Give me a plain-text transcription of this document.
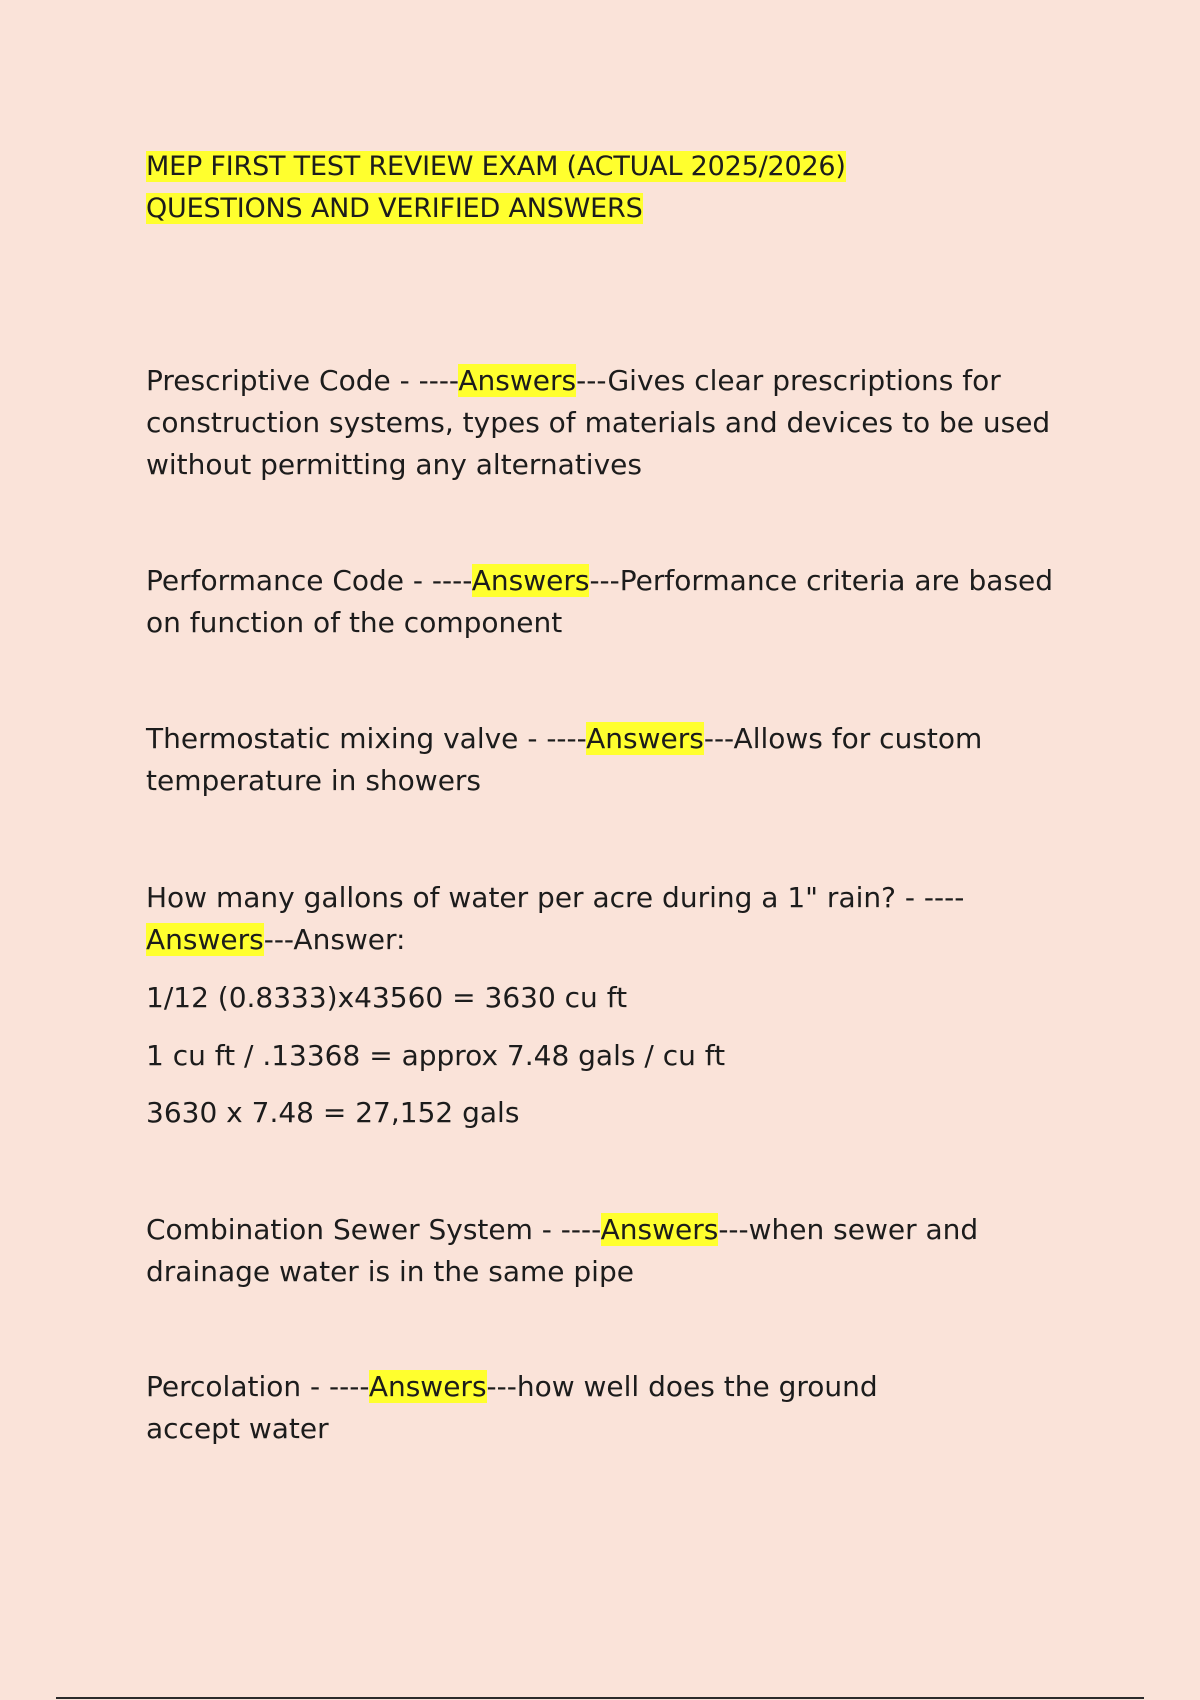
MEP FIRST TEST REVIEW EXAM (ACTUAL 2025/2026)
QUESTIONS AND VERIFIED ANSWERS

Prescriptive Code - ----Answers---Gives clear prescriptions for construction systems, types of materials and devices to be used without permitting any alternatives

Performance Code - ----Answers---Performance criteria are based on function of the component

Thermostatic mixing valve - ----Answers---Allows for custom temperature in showers

How many gallons of water per acre during a 1" rain? - ----Answers---Answer:

1/12 (0.8333)x43560 = 3630 cu ft

1 cu ft / .13368 = approx 7.48 gals / cu ft

3630 x 7.48 = 27,152 gals

Combination Sewer System - ----Answers---when sewer and drainage water is in the same pipe

Percolation - ----Answers---how well does the ground accept water
